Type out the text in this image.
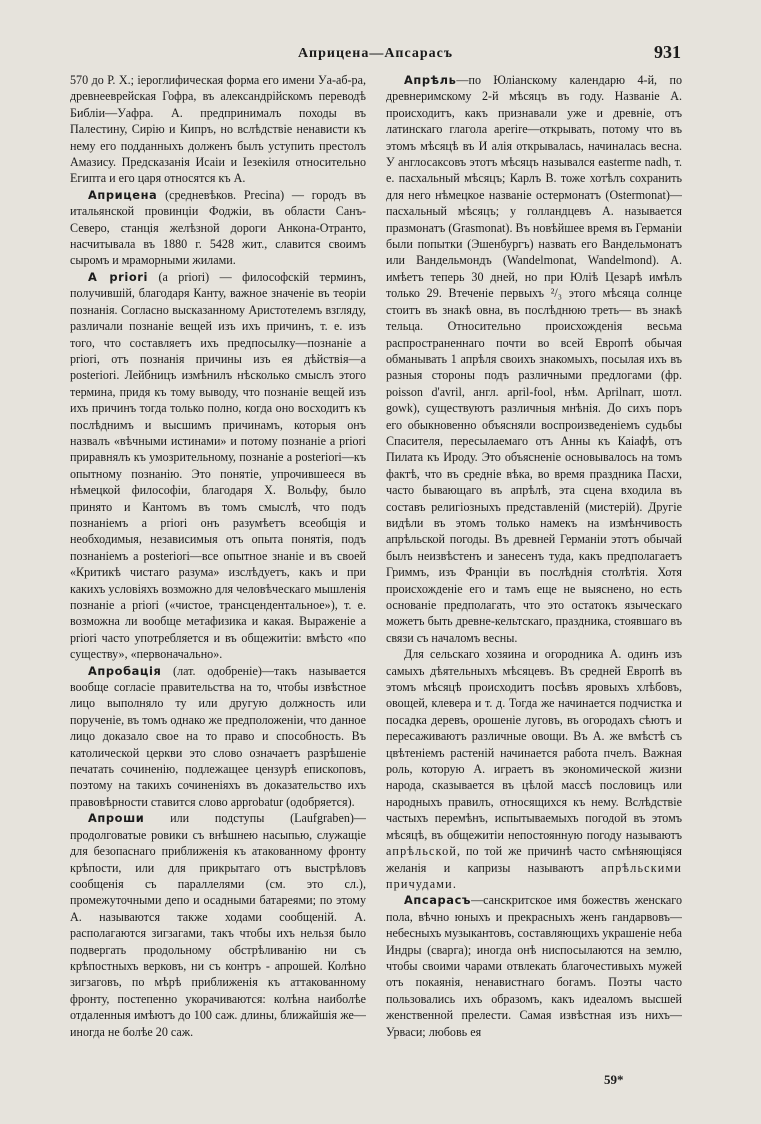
Априцена—Апсарасъ	931

570 до Р. X.; іероглифическая форма его имени Уа-аб-ра, древнееврейская Гофра, въ александрійскомъ переводѣ Библіи—Уафра. А. предпринималъ походы въ Палестину, Сирію и Кипръ, но вслѣдствіе ненависти къ нему его подданныхъ долженъ былъ уступить престолъ Амазису. Предсказанія Исаіи и Іезекіиля относительно Египта и его царя относятся къ А.

Априцена (средневѣков. Precina) — городъ въ итальянской провинціи Фоджіи, въ области Санъ-Северо, станція желѣзной дороги Анкона-Отранто, насчитывала въ 1880 г. 5428 жит., славится своимъ сыромъ и мраморными жилами.

A priori (a priori) — философскій терминъ, получившій, благодаря Канту, важное значеніе въ теоріи познанія. Согласно высказанному Аристотелемъ взгляду, различали познаніе вещей изъ ихъ причинъ, т. е. изъ того, что составляетъ ихъ предпосылку—познаніе a priori, отъ познанія причины изъ ея дѣйствія—a posteriori. Лейбницъ измѣнилъ нѣсколько смыслъ этого термина, придя къ тому выводу, что познаніе вещей изъ ихъ причинъ тогда только полно, когда оно восходитъ къ послѣднимъ и высшимъ причинамъ, которыя онъ назвалъ «вѣчными истинами» и потому познаніе a priori приравнялъ къ умозрительному, познаніе a posteriori—къ опытному познанію. Это понятіе, упрочившееся въ нѣмецкой философіи, благодаря X. Вольфу, было принято и Кантомъ въ томъ смыслѣ, что подъ познаніемъ a priori онъ разумѣетъ всеобщія и необходимыя, независимыя отъ опыта понятія, подъ познаніемъ a posteriori—все опытное знаніе и въ своей «Критикѣ чистаго разума» изслѣдуетъ, какъ и при какихъ условіяхъ возможно для человѣческаго мышленія познаніе a priori («чистое, трансцендентальное»), т. е. возможна ли вообще метафизика и какая. Выраженіе a priori часто употребляется и въ общежитіи: вмѣсто «по существу», «первоначально».

Апробація (лат. одобреніе)—такъ называется вообще согласіе правительства на то, чтобы извѣстное лицо выполняло ту или другую должность или порученіе, въ томъ однако же предположеніи, что данное лицо доказало свое на то право и способность. Въ католической церкви это слово означаетъ разрѣшеніе печатать сочиненію, подлежащее цензурѣ епископовъ, поэтому на такихъ сочиненіяхъ въ доказательство ихъ правовѣрности ставится слово approbatur (одобряется).

Апроши или подступы (Laufgraben)—продолговатые ровики съ внѣшнею насыпью, служащіе для безопаснаго приближенія къ атакованному фронту крѣпости, или для прикрытаго отъ выстрѣловъ сообщенія съ параллелями (см. это сл.), промежуточными депо и осадными батареями; по этому А. называются также ходами сообщеній. А. располагаются зигзагами, такъ чтобы ихъ нельзя было подвергать продольному обстрѣливанію ни съ крѣпостныхъ верковъ, ни съ контръ - апрошей. Колѣно зигзаговъ, по мѣрѣ приближенія къ аттакованному фронту, постепенно укорачиваются: колѣна наиболѣе отдаленныя имѣютъ до 100 саж. длины, ближайшія же—иногда не болѣе 20 саж.

Апрѣль—по Юліанскому календарю 4-й, по древнеримскому 2-й мѣсяцъ въ году. Названіе А. происходитъ, какъ признавали уже и древніе, отъ латинскаго глагола aperire—открывать, потому что въ этомъ мѣсяцѣ въ И алія открывалась, начиналась весна. У англосаксовъ этотъ мѣсяцъ назывался easterme nadh, т. е. пасхальный мѣсяцъ; Карлъ В. тоже хотѣлъ сохранить для него нѣмецкое названіе остермонатъ (Ostermonat)—пасхальный мѣсяцъ; у голландцевъ А. называется празмонатъ (Grasmonat). Въ новѣйшее время въ Германіи были попытки (Эшенбургъ) назвать его Вандельмонатъ или Вандельмондъ (Wandelmonat, Wandelmond). А. имѣетъ теперь 30 дней, но при Юліѣ Цезарѣ имѣлъ только 29. Втеченіе первыхъ ²/₃ этого мѣсяца солнце стоитъ въ знакѣ овна, въ послѣднюю треть— въ знакѣ тельца. Относительно происхожденія весьма распространеннаго почти во всей Европѣ обычая обманывать 1 апрѣля своихъ знакомыхъ, посылая ихъ въ разныя стороны подъ различными предлогами (фр. poisson d'avril, англ. april-fool, нѣм. Aprilnarr, шотл. gowk), существуютъ различныя мнѣнія. До сихъ поръ его обыкновенно объясняли воспроизведеніемъ судьбы Спасителя, пересылаемаго отъ Анны къ Каіафѣ, отъ Пилата къ Ироду. Это объясненіе основывалось на томъ фактѣ, что въ средніе вѣка, во время праздника Пасхи, часто бывающаго въ апрѣлѣ, эта сцена входила въ составъ религіозныхъ представленій (мистерій). Другіе видѣли въ этомъ только намекъ на измѣнчивость апрѣльской погоды. Въ древней Германіи этотъ обычай былъ неизвѣстенъ и занесенъ туда, какъ предполагаетъ Гриммъ, изъ Франціи въ послѣднія столѣтія. Хотя происхожденіе его и тамъ еще не выяснено, но есть основаніе предполагать, что это остатокъ языческаго можетъ быть древне-кельтскаго, праздника, стоявшаго въ связи съ началомъ весны.

Для сельскаго хозяина и огородника А. одинъ изъ самыхъ дѣятельныхъ мѣсяцевъ. Въ средней Европѣ въ этомъ мѣсяцѣ происходитъ посѣвъ яровыхъ хлѣбовъ, овощей, клевера и т. д. Тогда же начинается подчистка и посадка деревъ, орошеніе луговъ, въ огородахъ сѣютъ и пересаживаютъ различные овощи. Въ А. же вмѣстѣ съ цвѣтеніемъ растеній начинается работа пчелъ. Важная роль, которую А. играетъ въ экономической жизни народа, сказывается въ цѣлой массѣ пословицъ или народныхъ правилъ, относящихся къ нему. Вслѣдствіе частыхъ перемѣнъ, испытываемыхъ погодой въ этомъ мѣсяцѣ, въ общежитіи непостоянную погоду называютъ апрѣльской, по той же причинѣ часто смѣняющіяся желанія и капризы называютъ апрѣльскими причудами.

Апсарасъ—санскритское имя божествъ женскаго пола, вѣчно юныхъ и прекрасныхъ женъ гандарвовъ—небесныхъ музыкантовъ, составляющихъ украшеніе неба Индры (сварга); иногда онѣ ниспосылаются на землю, чтобы своими чарами отвлекать благочестивыхъ мужей отъ покаянія, ненавистнаго богамъ. Поэты часто пользовались ихъ образомъ, какъ идеаломъ высшей женственной прелести. Самая извѣстная изъ нихъ—Урваси; любовь ея

59*
